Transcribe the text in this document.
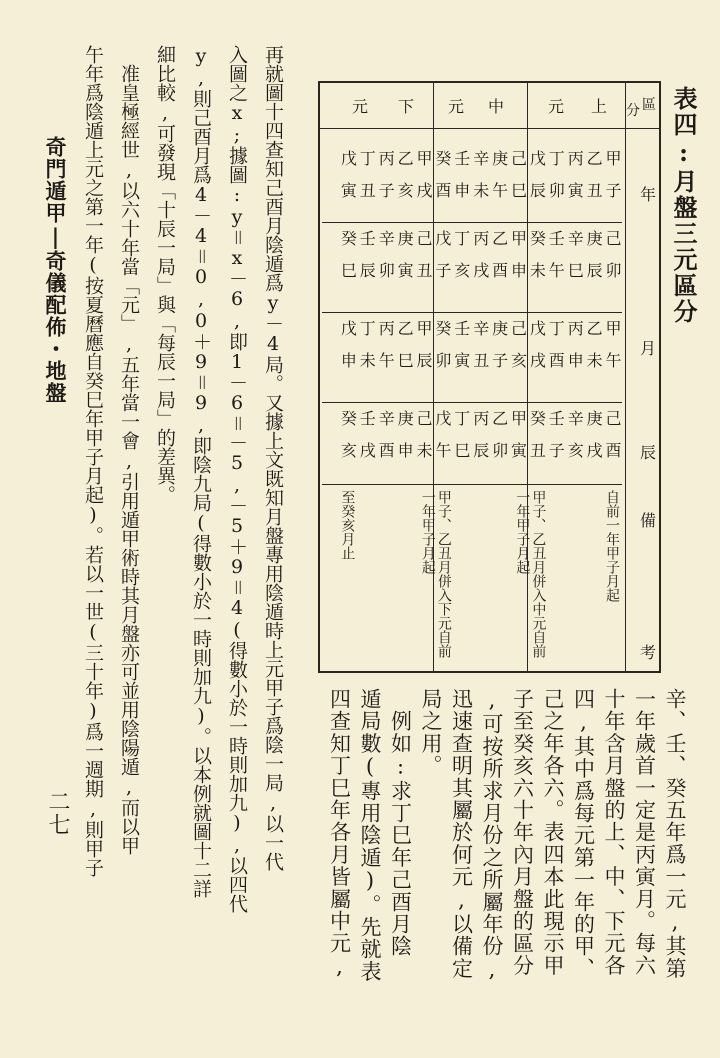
表四:月盤三元區分
上
元
中
元
下
元	區
分
年
月
辰
備
考
甲子
己卯
甲午
己酉
自前一年甲子月起
乙丑
庚辰
乙未
庚戌
丙寅
辛巳
丙申
辛亥
丁卯
壬午
丁酉
壬子
戊辰
癸未
戊戌
癸丑
甲子、乙丑月併入中元自前一年甲子月起
己巳
甲申
己亥
甲寅
庚午
乙酉
庚子
乙卯
辛未
丙戌
辛丑
丙辰
壬申
丁亥
壬寅
丁巳
癸酉
戊子
癸卯
戊午
甲子、乙丑月併入下元自前一年甲子月起
甲戌
己丑
甲辰
己未
乙亥
庚寅
乙巳
庚申
丙子
辛卯
丙午
辛酉
丁丑
壬辰
丁未
壬戌
戊寅
癸巳
戊申
癸亥
至癸亥月止
辛、壬、癸五年爲一元,其第
一年歲首一定是丙寅月。每六
十年含月盤的上、中、下元各
四,其中爲每元第一年的甲、
己之年各六。表四本此現示甲
子至癸亥六十年內月盤的區分
,可按所求月份之所屬年份,
迅速查明其屬於何元,以備定
局之用。
　例如:求丁巳年己酉月陰
遁局數(專用陰遁)。先就表
四查知丁巳年各月皆屬中元,
再就圖十四查知己酉月陰遁爲y－4局。又據上文既知月盤專用陰遁時上元甲子爲陰一局,以一代
入圖之x;據圖:y＝x－6,即1－6＝－5,－5＋9＝4(得數小於一時則加九),以四代
y,則己酉月爲4－4＝0,0＋9＝9,即陰九局(得數小於一時則加九)。以本例就圖十二詳
細比較,可發現「十辰一局」與「每辰一局」的差異。
　准皇極經世,以六十年當「元」,五年當一會,引用遁甲術時其月盤亦可並用陰陽遁,而以甲
午年爲陰遁上元之第一年(按夏曆應自癸巳年甲子月起)。若以一世(三十年)爲一週期,則甲子
奇門遁甲|奇儀配佈・地盤
二七
